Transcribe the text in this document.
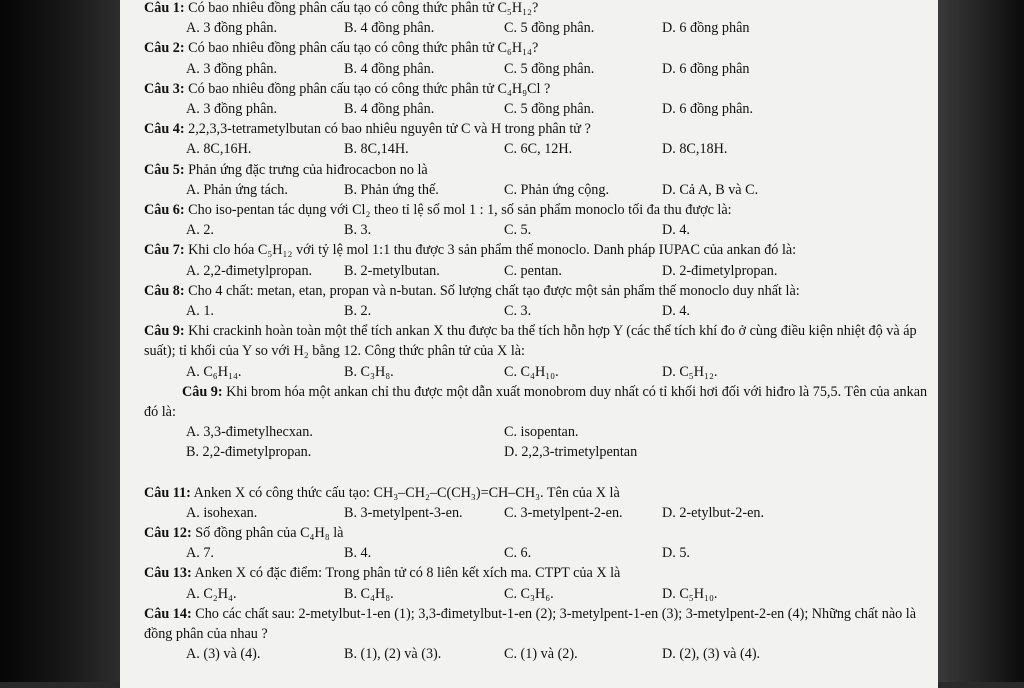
Câu 1: Có bao nhiêu đồng phân cấu tạo có công thức phân tử C₅H₁₂?

A. 3 đồng phân.	B. 4 đồng phân.	C. 5 đồng phân.	D. 6 đồng phân

Câu 2: Có bao nhiêu đồng phân cấu tạo có công thức phân tử C₆H₁₄?

A. 3 đồng phân.	B. 4 đồng phân.	C. 5 đồng phân.	D. 6 đồng phân

Câu 3: Có bao nhiêu đồng phân cấu tạo có công thức phân tử C₄H₉Cl ?

A. 3 đồng phân.	B. 4 đồng phân.	C. 5 đồng phân.	D. 6 đồng phân.

Câu 4: 2,2,3,3-tetrametylbutan có bao nhiêu nguyên tử C và H trong phân tử ?

A. 8C,16H.	B. 8C,14H.	C. 6C, 12H.	D. 8C,18H.

Câu 5: Phản ứng đặc trưng của hiđrocacbon no là

A. Phản ứng tách.	B. Phản ứng thế.	C. Phản ứng cộng.	D. Cả A, B và C.

Câu 6: Cho iso-pentan tác dụng với Cl₂ theo tỉ lệ số mol 1 : 1, số sản phẩm monoclo tối đa thu được là:

A. 2.	B. 3.	C. 5.	D. 4.

Câu 7: Khi clo hóa C₅H₁₂ với tỷ lệ mol 1:1 thu được 3 sản phẩm thế monoclo. Danh pháp IUPAC của ankan đó là:

A. 2,2-đimetylpropan.	B. 2-metylbutan.	C. pentan.	D. 2-đimetylpropan.

Câu 8: Cho 4 chất: metan, etan, propan và n-butan. Số lượng chất tạo được một sản phẩm thế monoclo duy nhất là:

A. 1.	B. 2.	C. 3.	D. 4.

Câu 9: Khi crackinh hoàn toàn một thể tích ankan X thu được ba thể tích hỗn hợp Y (các thể tích khí đo ở cùng điều kiện nhiệt độ và áp suất); tỉ khối của Y so với H₂ bằng 12. Công thức phân tử của X là:

A. C₆H₁₄.	B. C₃H₈.	C. C₄H₁₀.	D. C₅H₁₂.

Câu 9: Khi brom hóa một ankan chỉ thu được một dẫn xuất monobrom duy nhất có tỉ khối hơi đối với hiđro là 75,5. Tên của ankan đó là:

A. 3,3-đimetylhecxan.	C. isopentan.
B. 2,2-đimetylpropan.	D. 2,2,3-trimetylpentan

Câu 11: Anken X có công thức cấu tạo: CH₃–CH₂–C(CH₃)=CH–CH₃. Tên của X là

A. isohexan.	B. 3-metylpent-3-en.	C. 3-metylpent-2-en.	D. 2-etylbut-2-en.

Câu 12: Số đồng phân của C₄H₈ là

A. 7.	B. 4.	C. 6.	D. 5.

Câu 13: Anken X có đặc điểm: Trong phân tử có 8 liên kết xích ma. CTPT của X là

A. C₂H₄.	B. C₄H₈.	C. C₃H₆.	D. C₅H₁₀.

Câu 14: Cho các chất sau: 2-metylbut-1-en (1); 3,3-đimetylbut-1-en (2); 3-metylpent-1-en (3); 3-metylpent-2-en (4); Những chất nào là đồng phân của nhau ?

A. (3) và (4).	B. (1), (2) và (3).	C. (1) và (2).	D. (2), (3) và (4).
